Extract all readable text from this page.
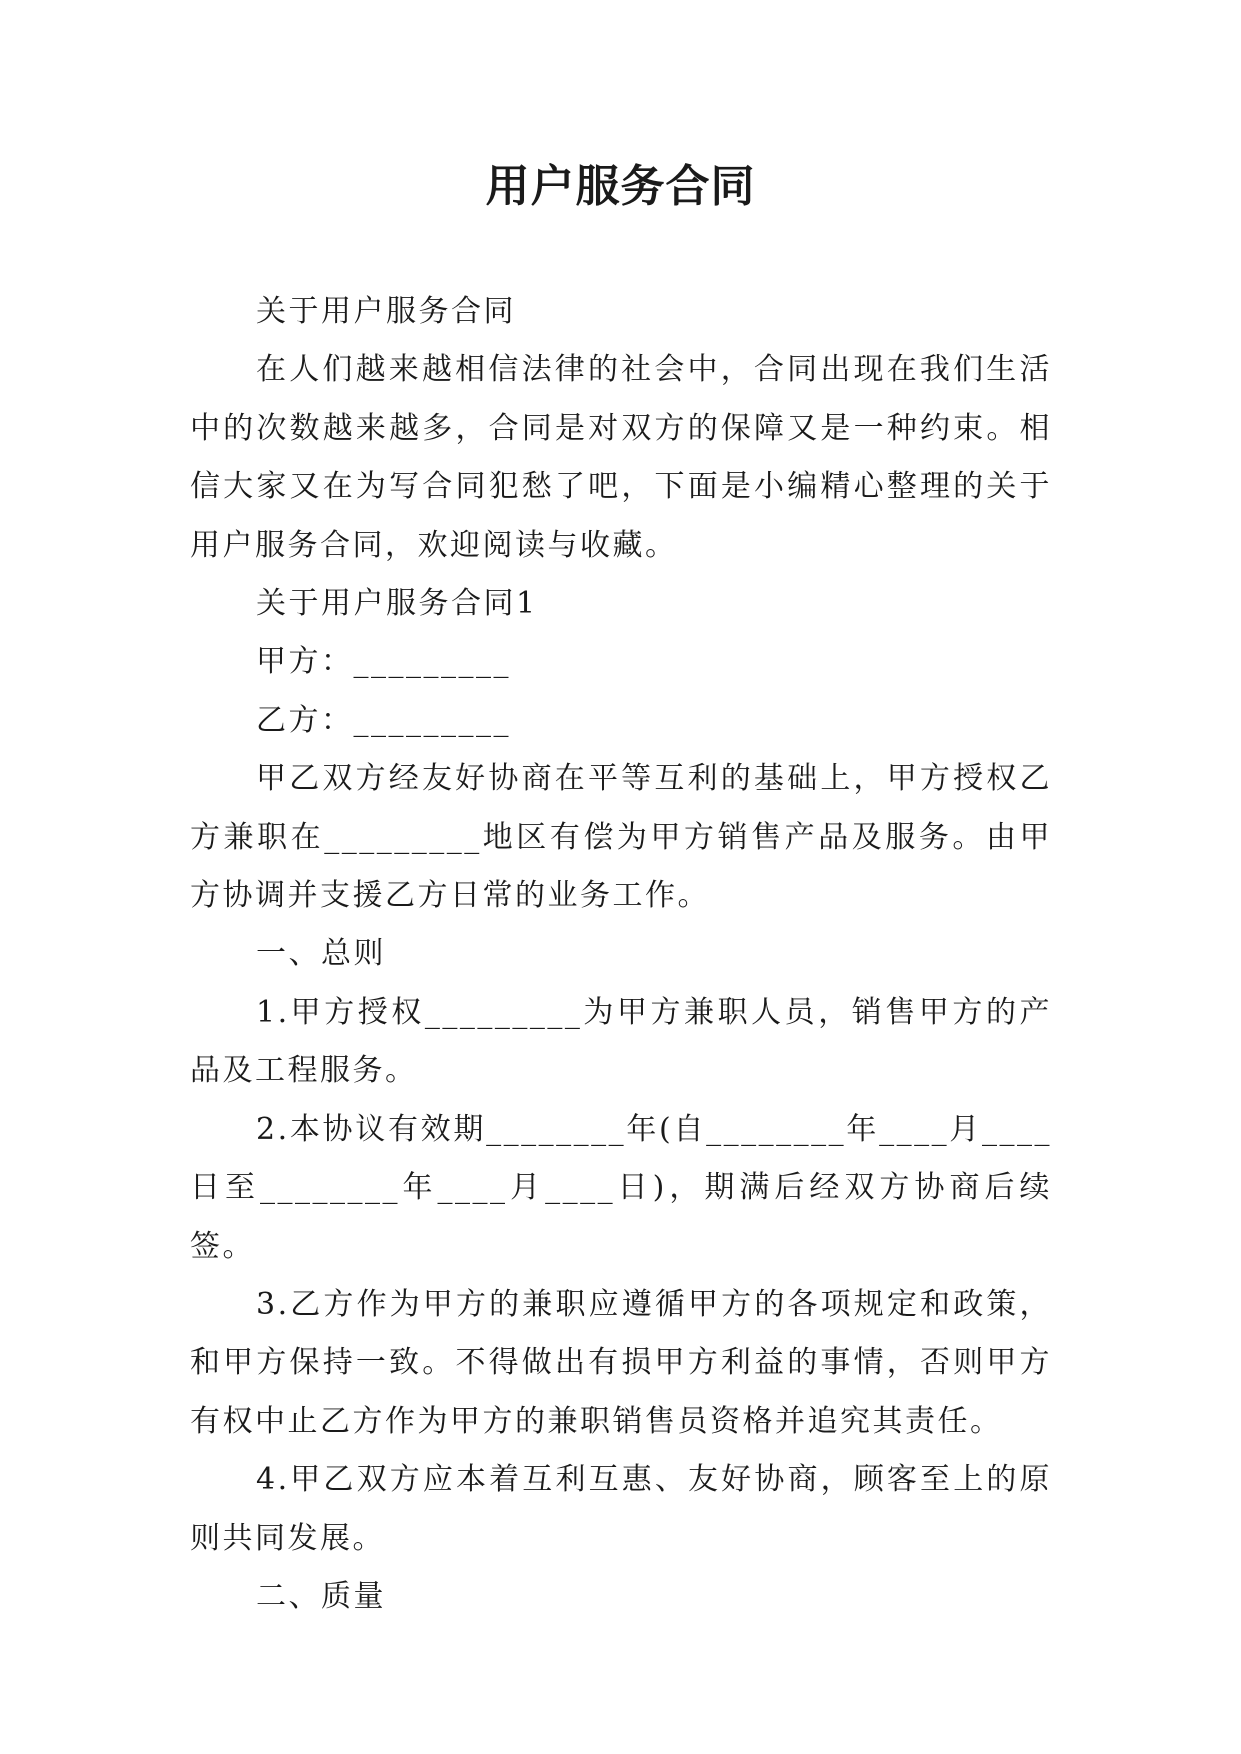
用户服务合同

关于用户服务合同

在人们越来越相信法律的社会中，合同出现在我们生活中的次数越来越多，合同是对双方的保障又是一种约束。相信大家又在为写合同犯愁了吧，下面是小编精心整理的关于用户服务合同，欢迎阅读与收藏。

关于用户服务合同1

甲方：_________

乙方：_________

甲乙双方经友好协商在平等互利的基础上，甲方授权乙方兼职在_________地区有偿为甲方销售产品及服务。由甲方协调并支援乙方日常的业务工作。

一、总则

1.甲方授权_________为甲方兼职人员，销售甲方的产品及工程服务。

2.本协议有效期________年(自________年____月____日至________年____月____日)，期满后经双方协商后续签。

3.乙方作为甲方的兼职应遵循甲方的各项规定和政策，和甲方保持一致。不得做出有损甲方利益的事情，否则甲方有权中止乙方作为甲方的兼职销售员资格并追究其责任。

4.甲乙双方应本着互利互惠、友好协商，顾客至上的原则共同发展。

二、质量
